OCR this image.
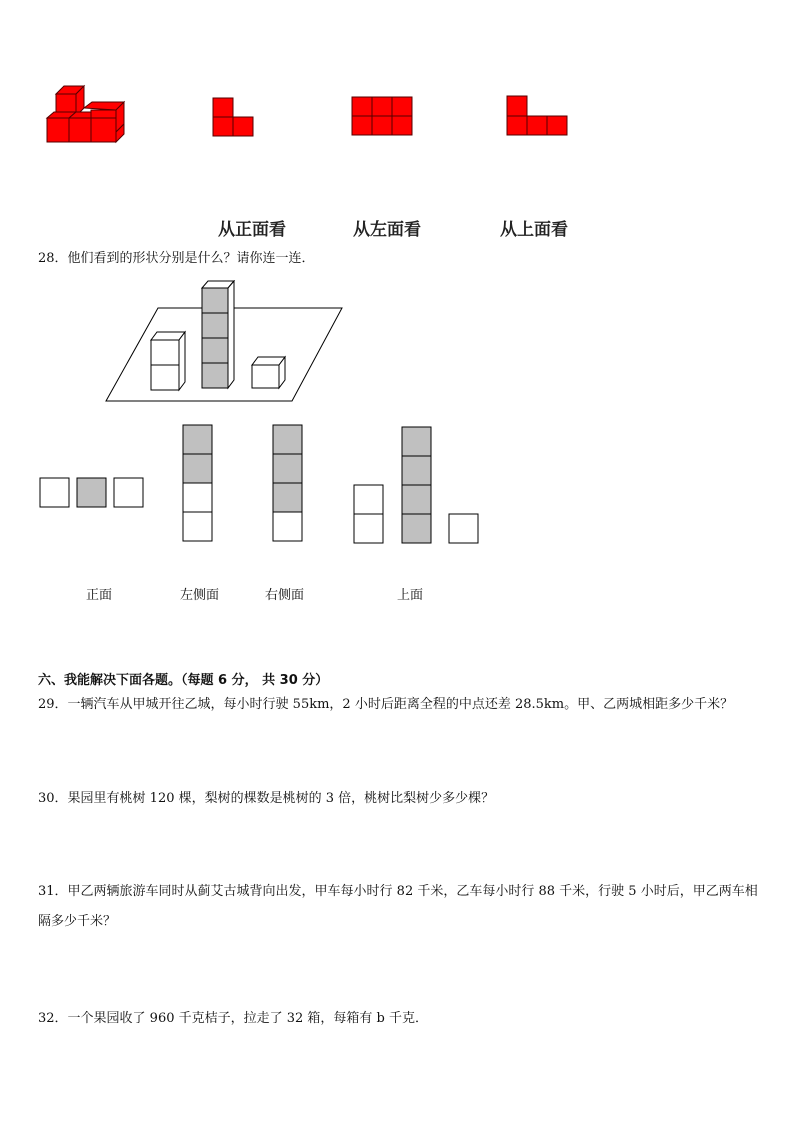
从正面看	从左面看	从上面看
28．他们看到的形状分别是什么？请你连一连．
正面	左侧面	右侧面	上面
六、我能解决下面各题。（每题 6 分， 共 30 分）
29．一辆汽车从甲城开往乙城，每小时行驶 55km，2 小时后距离全程的中点还差 28.5km。甲、乙两城相距多少千米？
30．果园里有桃树 120 棵，梨树的棵数是桃树的 3 倍，桃树比梨树少多少棵？
31．甲乙两辆旅游车同时从蓟艾古城背向出发，甲车每小时行 82 千米，乙车每小时行 88 千米，行驶 5 小时后，甲乙两车相隔多少千米？
32．一个果园收了 960 千克桔子，拉走了 32 箱，每箱有 b 千克．
